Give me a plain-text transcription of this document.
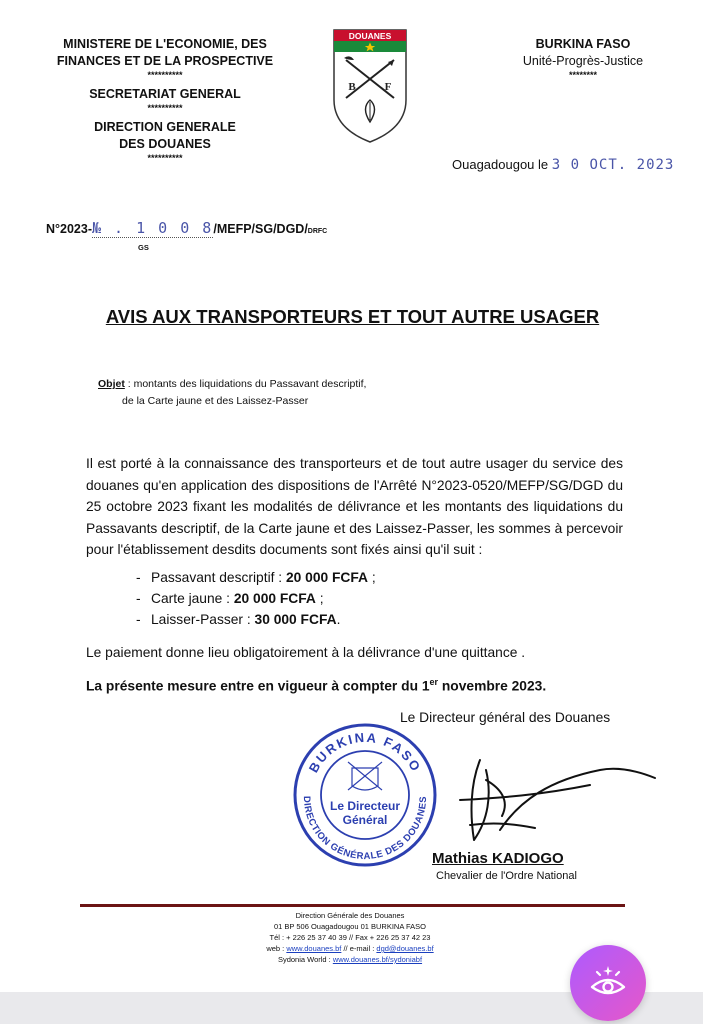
MINISTERE DE L'ECONOMIE, DES
FINANCES ET DE LA PROSPECTIVE
**********
SECRETARIAT GENERAL
**********
DIRECTION GENERALE
DES DOUANES
**********
DOUANES
B	F
BURKINA FASO
Unité-Progrès-Justice
********
Ouagadougou le 3 0 OCT. 2023
N°2023-№ . 1 0 0 8/MEFP/SG/DGD/DRFC
GS
AVIS AUX TRANSPORTEURS ET TOUT AUTRE USAGER
Objet : montants des liquidations du Passavant descriptif,
de la Carte jaune et des Laissez-Passer
Il est porté à la connaissance des transporteurs et de tout autre usager du service des douanes qu'en application des dispositions de l'Arrêté N°2023-0520/MEFP/SG/DGD du 25 octobre 2023 fixant les modalités de délivrance et les montants des liquidations du Passavants descriptif, de la Carte jaune et des Laissez-Passer, les sommes à percevoir pour l'établissement desdits documents sont fixés ainsi qu'il suit :
- Passavant descriptif : 20 000 FCFA ;
- Carte jaune : 20 000 FCFA ;
- Laisser-Passer : 30 000 FCFA.
Le paiement donne lieu obligatoirement à la délivrance d'une quittance .
La présente mesure entre en vigueur à compter du 1er novembre 2023.
Le Directeur général des Douanes
BURKINA FASO
DIRECTION GÉNÉRALE DES DOUANES
Le Directeur
Général
Mathias KADIOGO
Chevalier de l'Ordre National
Direction Générale des Douanes
01 BP 506 Ouagadougou 01 BURKINA FASO
Tél : + 226 25 37 40 39 // Fax + 226 25 37 42 23
web : www.douanes.bf // e-mail : dgd@douanes.bf
Sydonia World : www.douanes.bf/sydoniabf
